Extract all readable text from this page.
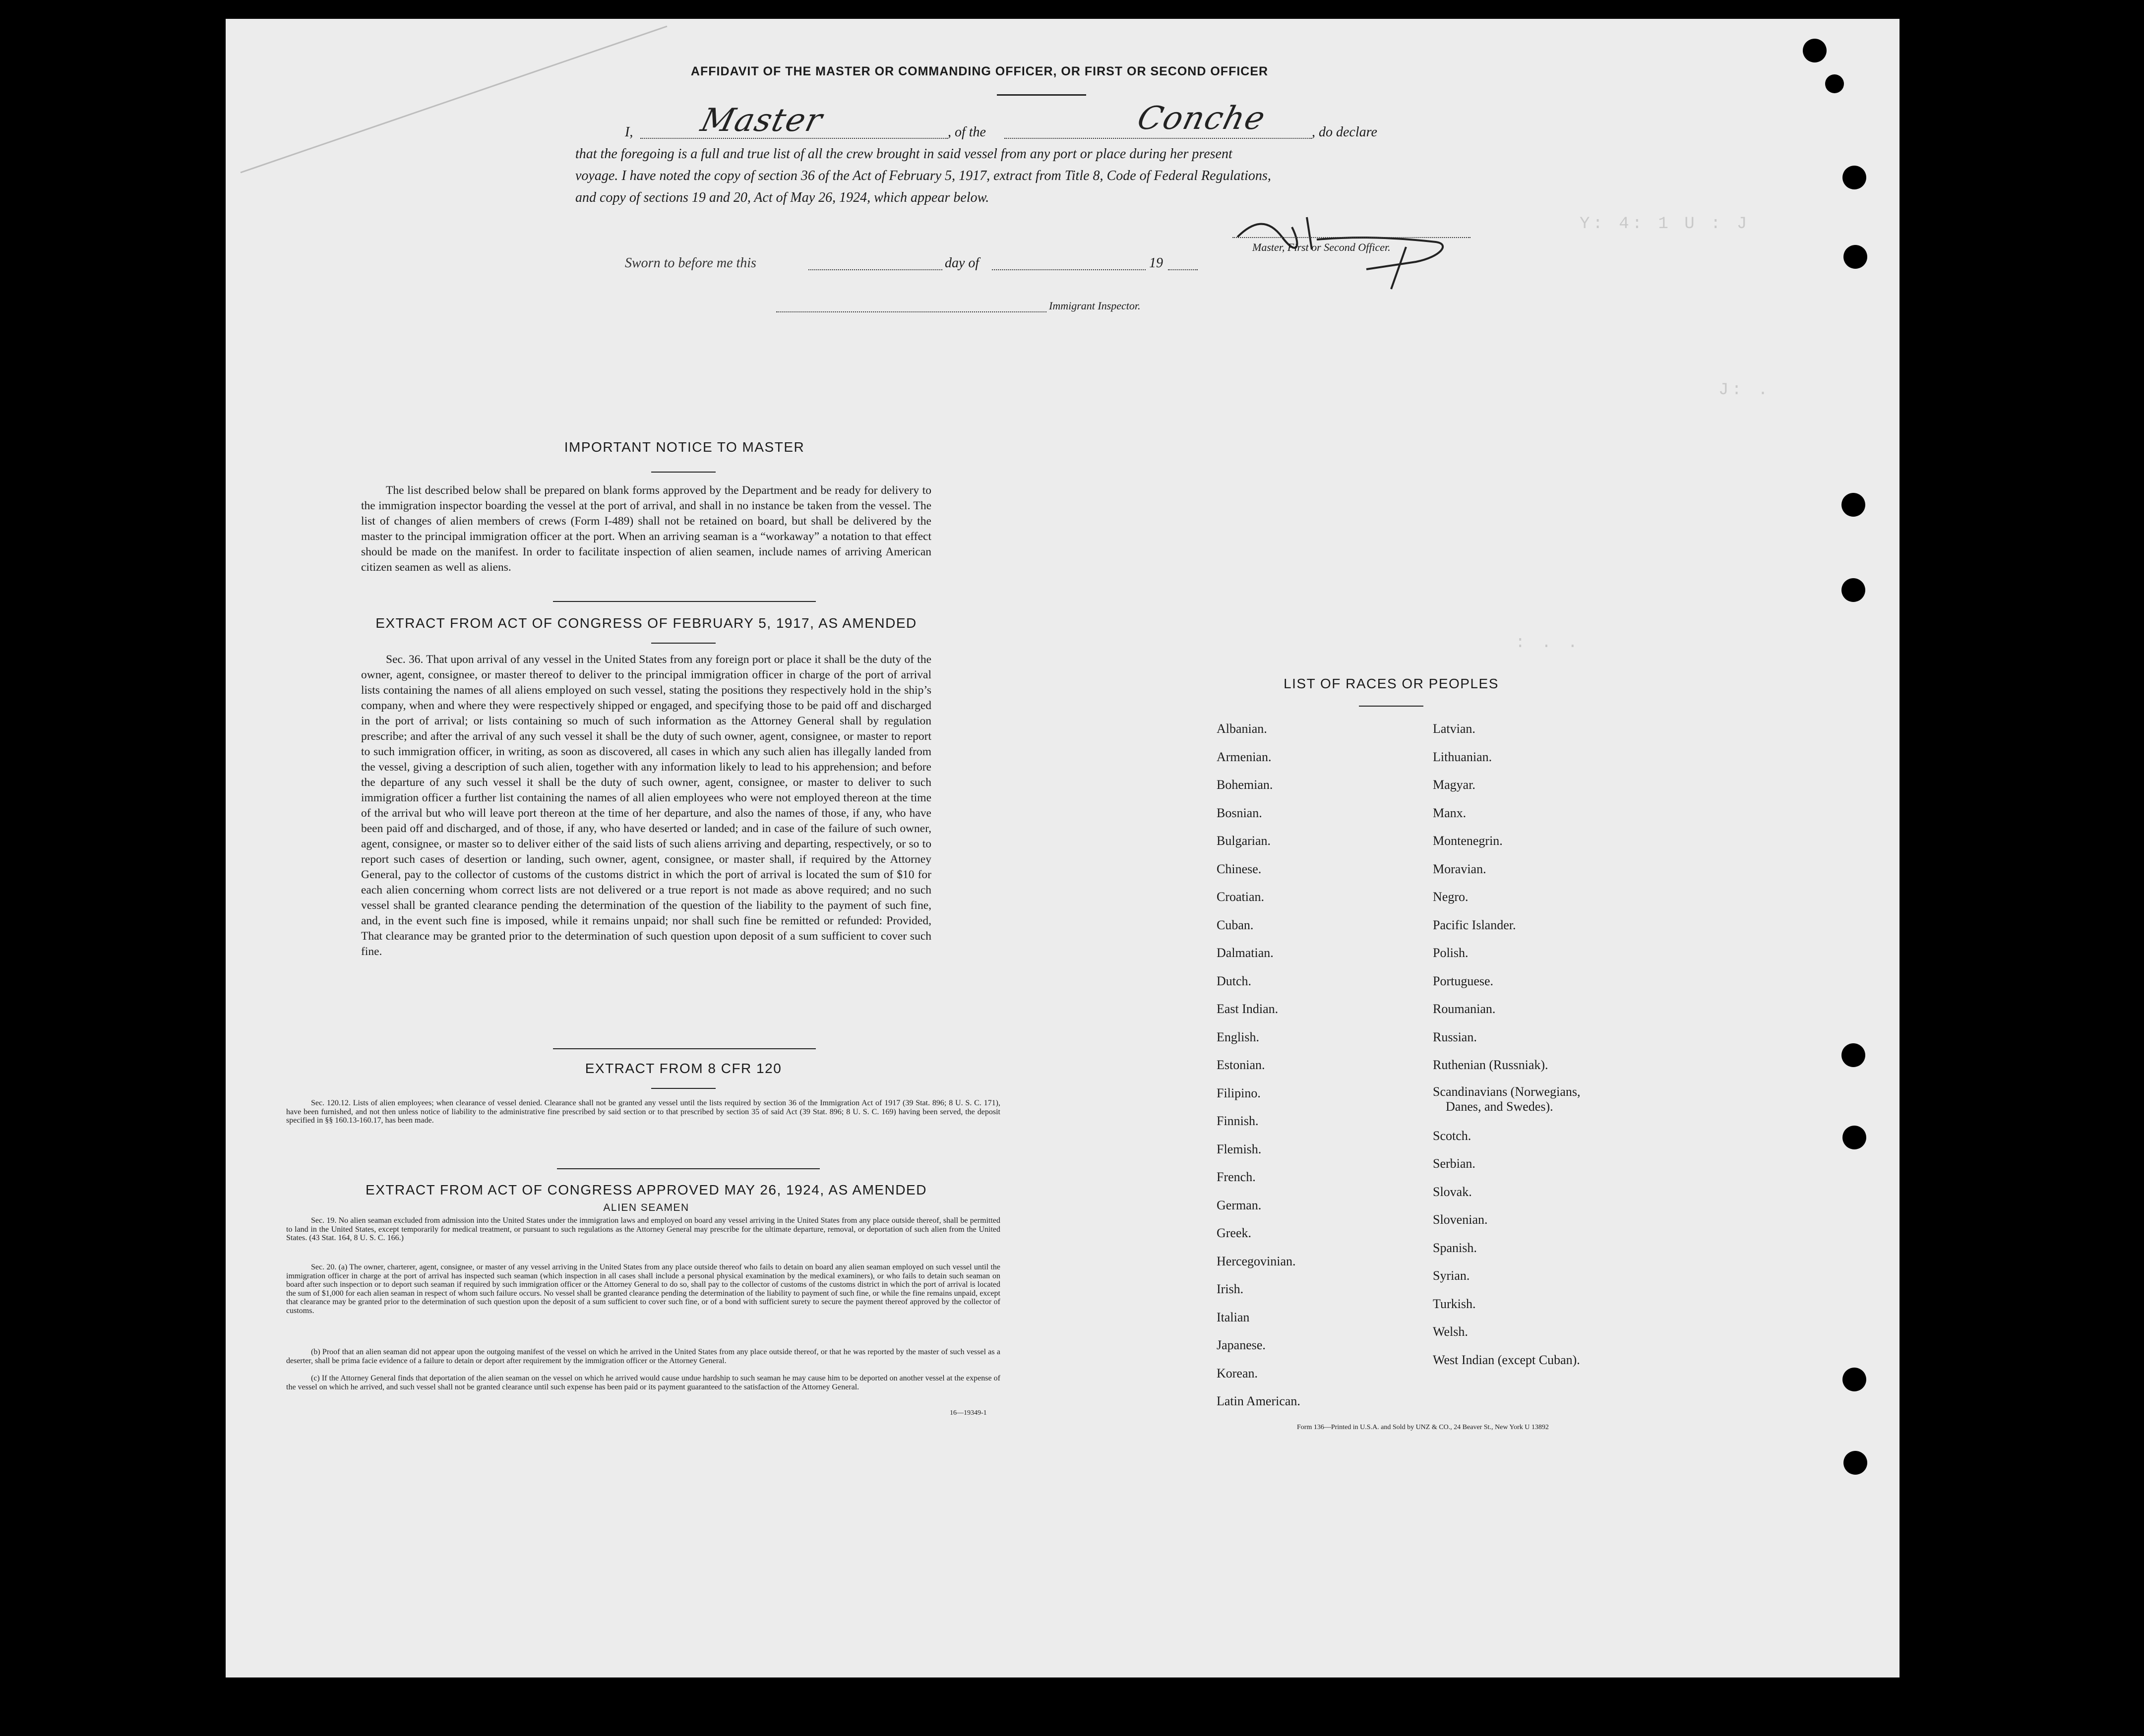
Y: 4: 1 U : J
J: .
: . .
AFFIDAVIT OF THE MASTER OR COMMANDING OFFICER, OR FIRST OR SECOND OFFICER
I, Master	, of the	Conche	, do declare
that the foregoing is a full and true list of all the crew brought in said vessel from any port or place during her present
voyage. I have noted the copy of section 36 of the Act of February 5, 1917, extract from Title 8, Code of Federal Regulations,
and copy of sections 19 and 20, Act of May 26, 1924, which appear below.
Master, First or Second Officer.
Sworn to before me this	day of	19
Immigrant Inspector.
IMPORTANT NOTICE TO MASTER
The list described below shall be prepared on blank forms approved by the Department and be ready for delivery to the immigration inspector boarding the vessel at the port of arrival, and shall in no instance be taken from the vessel. The list of changes of alien members of crews (Form I-489) shall not be retained on board, but shall be delivered by the master to the principal immigration officer at the port. When an arriving seaman is a “workaway” a notation to that effect should be made on the manifest. In order to facilitate inspection of alien seamen, include names of arriving American citizen seamen as well as aliens.
EXTRACT FROM ACT OF CONGRESS OF FEBRUARY 5, 1917, AS AMENDED
Sec. 36. That upon arrival of any vessel in the United States from any foreign port or place it shall be the duty of the owner, agent, consignee, or master thereof to deliver to the principal immigration officer in charge of the port of arrival lists containing the names of all aliens employed on such vessel, stating the positions they respectively hold in the ship’s company, when and where they were respectively shipped or engaged, and specifying those to be paid off and discharged in the port of arrival; or lists containing so much of such information as the Attorney General shall by regulation prescribe; and after the arrival of any such vessel it shall be the duty of such owner, agent, consignee, or master to report to such immigration officer, in writing, as soon as discovered, all cases in which any such alien has illegally landed from the vessel, giving a description of such alien, together with any information likely to lead to his apprehension; and before the departure of any such vessel it shall be the duty of such owner, agent, consignee, or master to deliver to such immigration officer a further list containing the names of all alien employees who were not employed thereon at the time of the arrival but who will leave port thereon at the time of her departure, and also the names of those, if any, who have been paid off and discharged, and of those, if any, who have deserted or landed; and in case of the failure of such owner, agent, consignee, or master so to deliver either of the said lists of such aliens arriving and departing, respectively, or so to report such cases of desertion or landing, such owner, agent, consignee, or master shall, if required by the Attorney General, pay to the collector of customs of the customs district in which the port of arrival is located the sum of $10 for each alien concerning whom correct lists are not delivered or a true report is not made as above required; and no such vessel shall be granted clearance pending the determination of the question of the liability to the payment of such fine, and, in the event such fine is imposed, while it remains unpaid; nor shall such fine be remitted or refunded: Provided, That clearance may be granted prior to the determination of such question upon deposit of a sum sufficient to cover such fine.
EXTRACT FROM 8 CFR 120
Sec. 120.12. Lists of alien employees; when clearance of vessel denied. Clearance shall not be granted any vessel until the lists required by section 36 of the Immigration Act of 1917 (39 Stat. 896; 8 U. S. C. 171), have been furnished, and not then unless notice of liability to the administrative fine prescribed by said section or to that prescribed by section 35 of said Act (39 Stat. 896; 8 U. S. C. 169) having been served, the deposit specified in §§ 160.13-160.17, has been made.
EXTRACT FROM ACT OF CONGRESS APPROVED MAY 26, 1924, AS AMENDED
ALIEN SEAMEN
Sec. 19. No alien seaman excluded from admission into the United States under the immigration laws and employed on board any vessel arriving in the United States from any place outside thereof, shall be permitted to land in the United States, except temporarily for medical treatment, or pursuant to such regulations as the Attorney General may prescribe for the ultimate departure, removal, or deportation of such alien from the United States. (43 Stat. 164, 8 U. S. C. 166.)
Sec. 20. (a) The owner, charterer, agent, consignee, or master of any vessel arriving in the United States from any place outside thereof who fails to detain on board any alien seaman employed on such vessel until the immigration officer in charge at the port of arrival has inspected such seaman (which inspection in all cases shall include a personal physical examination by the medical examiners), or who fails to detain such seaman on board after such inspection or to deport such seaman if required by such immigration officer or the Attorney General to do so, shall pay to the collector of customs of the customs district in which the port of arrival is located the sum of $1,000 for each alien seaman in respect of whom such failure occurs. No vessel shall be granted clearance pending the determination of the liability to payment of such fine, or while the fine remains unpaid, except that clearance may be granted prior to the determination of such question upon the deposit of a sum sufficient to cover such fine, or of a bond with sufficient surety to secure the payment thereof approved by the collector of customs.
(b) Proof that an alien seaman did not appear upon the outgoing manifest of the vessel on which he arrived in the United States from any place outside thereof, or that he was reported by the master of such vessel as a deserter, shall be prima facie evidence of a failure to detain or deport after requirement by the immigration officer or the Attorney General.
(c) If the Attorney General finds that deportation of the alien seaman on the vessel on which he arrived would cause undue hardship to such seaman he may cause him to be deported on another vessel at the expense of the vessel on which he arrived, and such vessel shall not be granted clearance until such expense has been paid or its payment guaranteed to the satisfaction of the Attorney General.
16—19349-1
LIST OF RACES OR PEOPLES
Albanian.
Armenian.
Bohemian.
Bosnian.
Bulgarian.
Chinese.
Croatian.
Cuban.
Dalmatian.
Dutch.
East Indian.
English.
Estonian.
Filipino.
Finnish.
Flemish.
French.
German.
Greek.
Hercegovinian.
Irish.
Italian
Japanese.
Korean.
Latin American.
Latvian.
Lithuanian.
Magyar.
Manx.
Montenegrin.
Moravian.
Negro.
Pacific Islander.
Polish.
Portuguese.
Roumanian.
Russian.
Ruthenian (Russniak).
Scandinavians (Norwegians,
Danes, and Swedes).
Scotch.
Serbian.
Slovak.
Slovenian.
Spanish.
Syrian.
Turkish.
Welsh.
West Indian (except Cuban).
Form 136—Printed in U.S.A. and Sold by UNZ & CO., 24 Beaver St., New York U 13892
